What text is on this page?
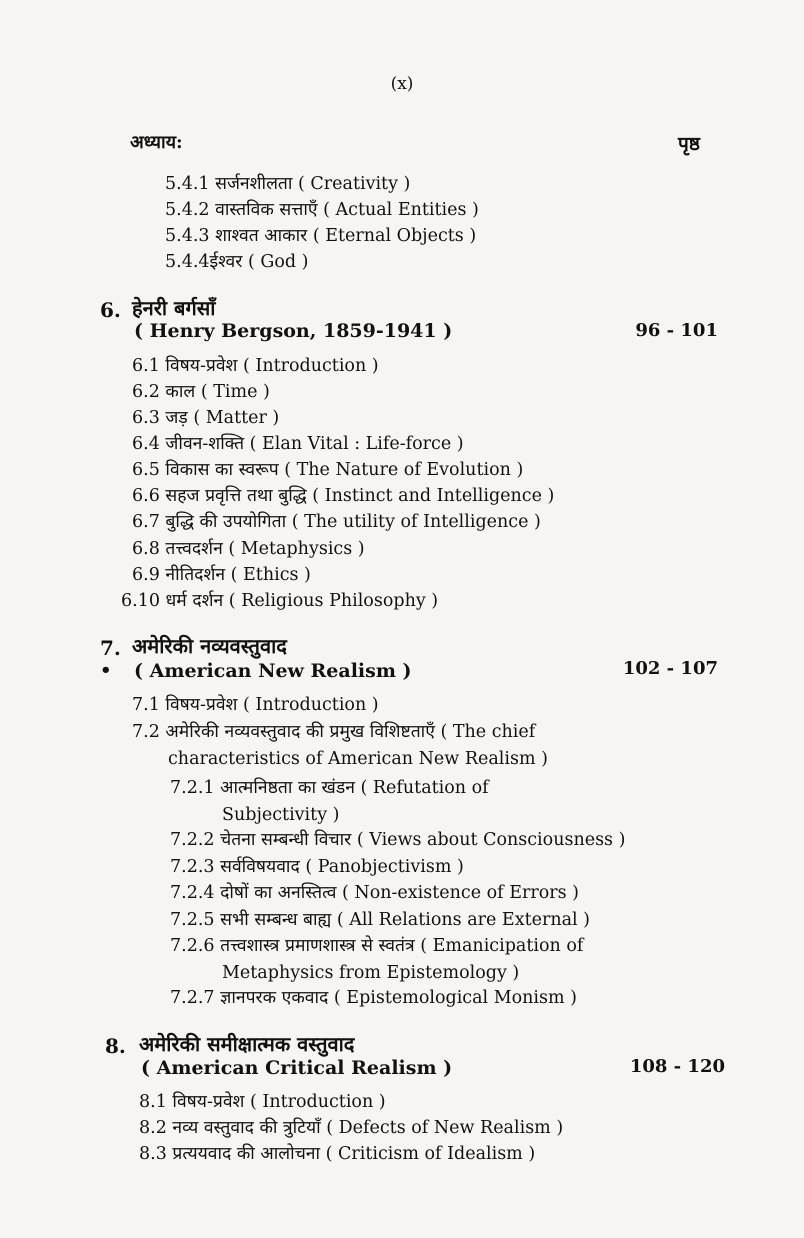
(x)
अध्याय:	पृष्ठ
5.4.1 सर्जनशीलता ( Creativity )
5.4.2 वास्तविक सत्ताएँ ( Actual Entities )
5.4.3 शाश्वत आकार ( Eternal Objects )
5.4.4ईश्वर ( God )
6. हेनरी बर्गसाँ
( Henry Bergson, 1859-1941 )	96 - 101
6.1 विषय-प्रवेश ( Introduction )
6.2 काल ( Time )
6.3 जड़ ( Matter )
6.4 जीवन-शक्ति ( Elan Vital : Life-force )
6.5 विकास का स्वरूप ( The Nature of Evolution )
6.6 सहज प्रवृत्ति तथा बुद्धि ( Instinct and Intelligence )
6.7 बुद्धि की उपयोगिता ( The utility of Intelligence )
6.8 तत्त्वदर्शन ( Metaphysics )
6.9 नीतिदर्शन ( Ethics )
6.10 धर्म दर्शन ( Religious Philosophy )
7. अमेरिकी नव्यवस्तुवाद
• ( American New Realism )	102 - 107
7.1 विषय-प्रवेश ( Introduction )
7.2 अमेरिकी नव्यवस्तुवाद की प्रमुख विशिष्टताएँ ( The chief
characteristics of American New Realism )
7.2.1 आत्मनिष्ठता का खंडन ( Refutation of
Subjectivity )
7.2.2 चेतना सम्बन्धी विचार ( Views about Consciousness )
7.2.3 सर्वविषयवाद ( Panobjectivism )
7.2.4 दोषों का अनस्तित्व ( Non-existence of Errors )
7.2.5 सभी सम्बन्ध बाह्य ( All Relations are External )
7.2.6 तत्त्वशास्त्र प्रमाणशास्त्र से स्वतंत्र ( Emanicipation of
Metaphysics from Epistemology )
7.2.7 ज्ञानपरक एकवाद ( Epistemological Monism )
8. अमेरिकी समीक्षात्मक वस्तुवाद
( American Critical Realism )	108 - 120
8.1 विषय-प्रवेश ( Introduction )
8.2 नव्य वस्तुवाद की त्रुटियाँ ( Defects of New Realism )
8.3 प्रत्ययवाद की आलोचना ( Criticism of Idealism )
